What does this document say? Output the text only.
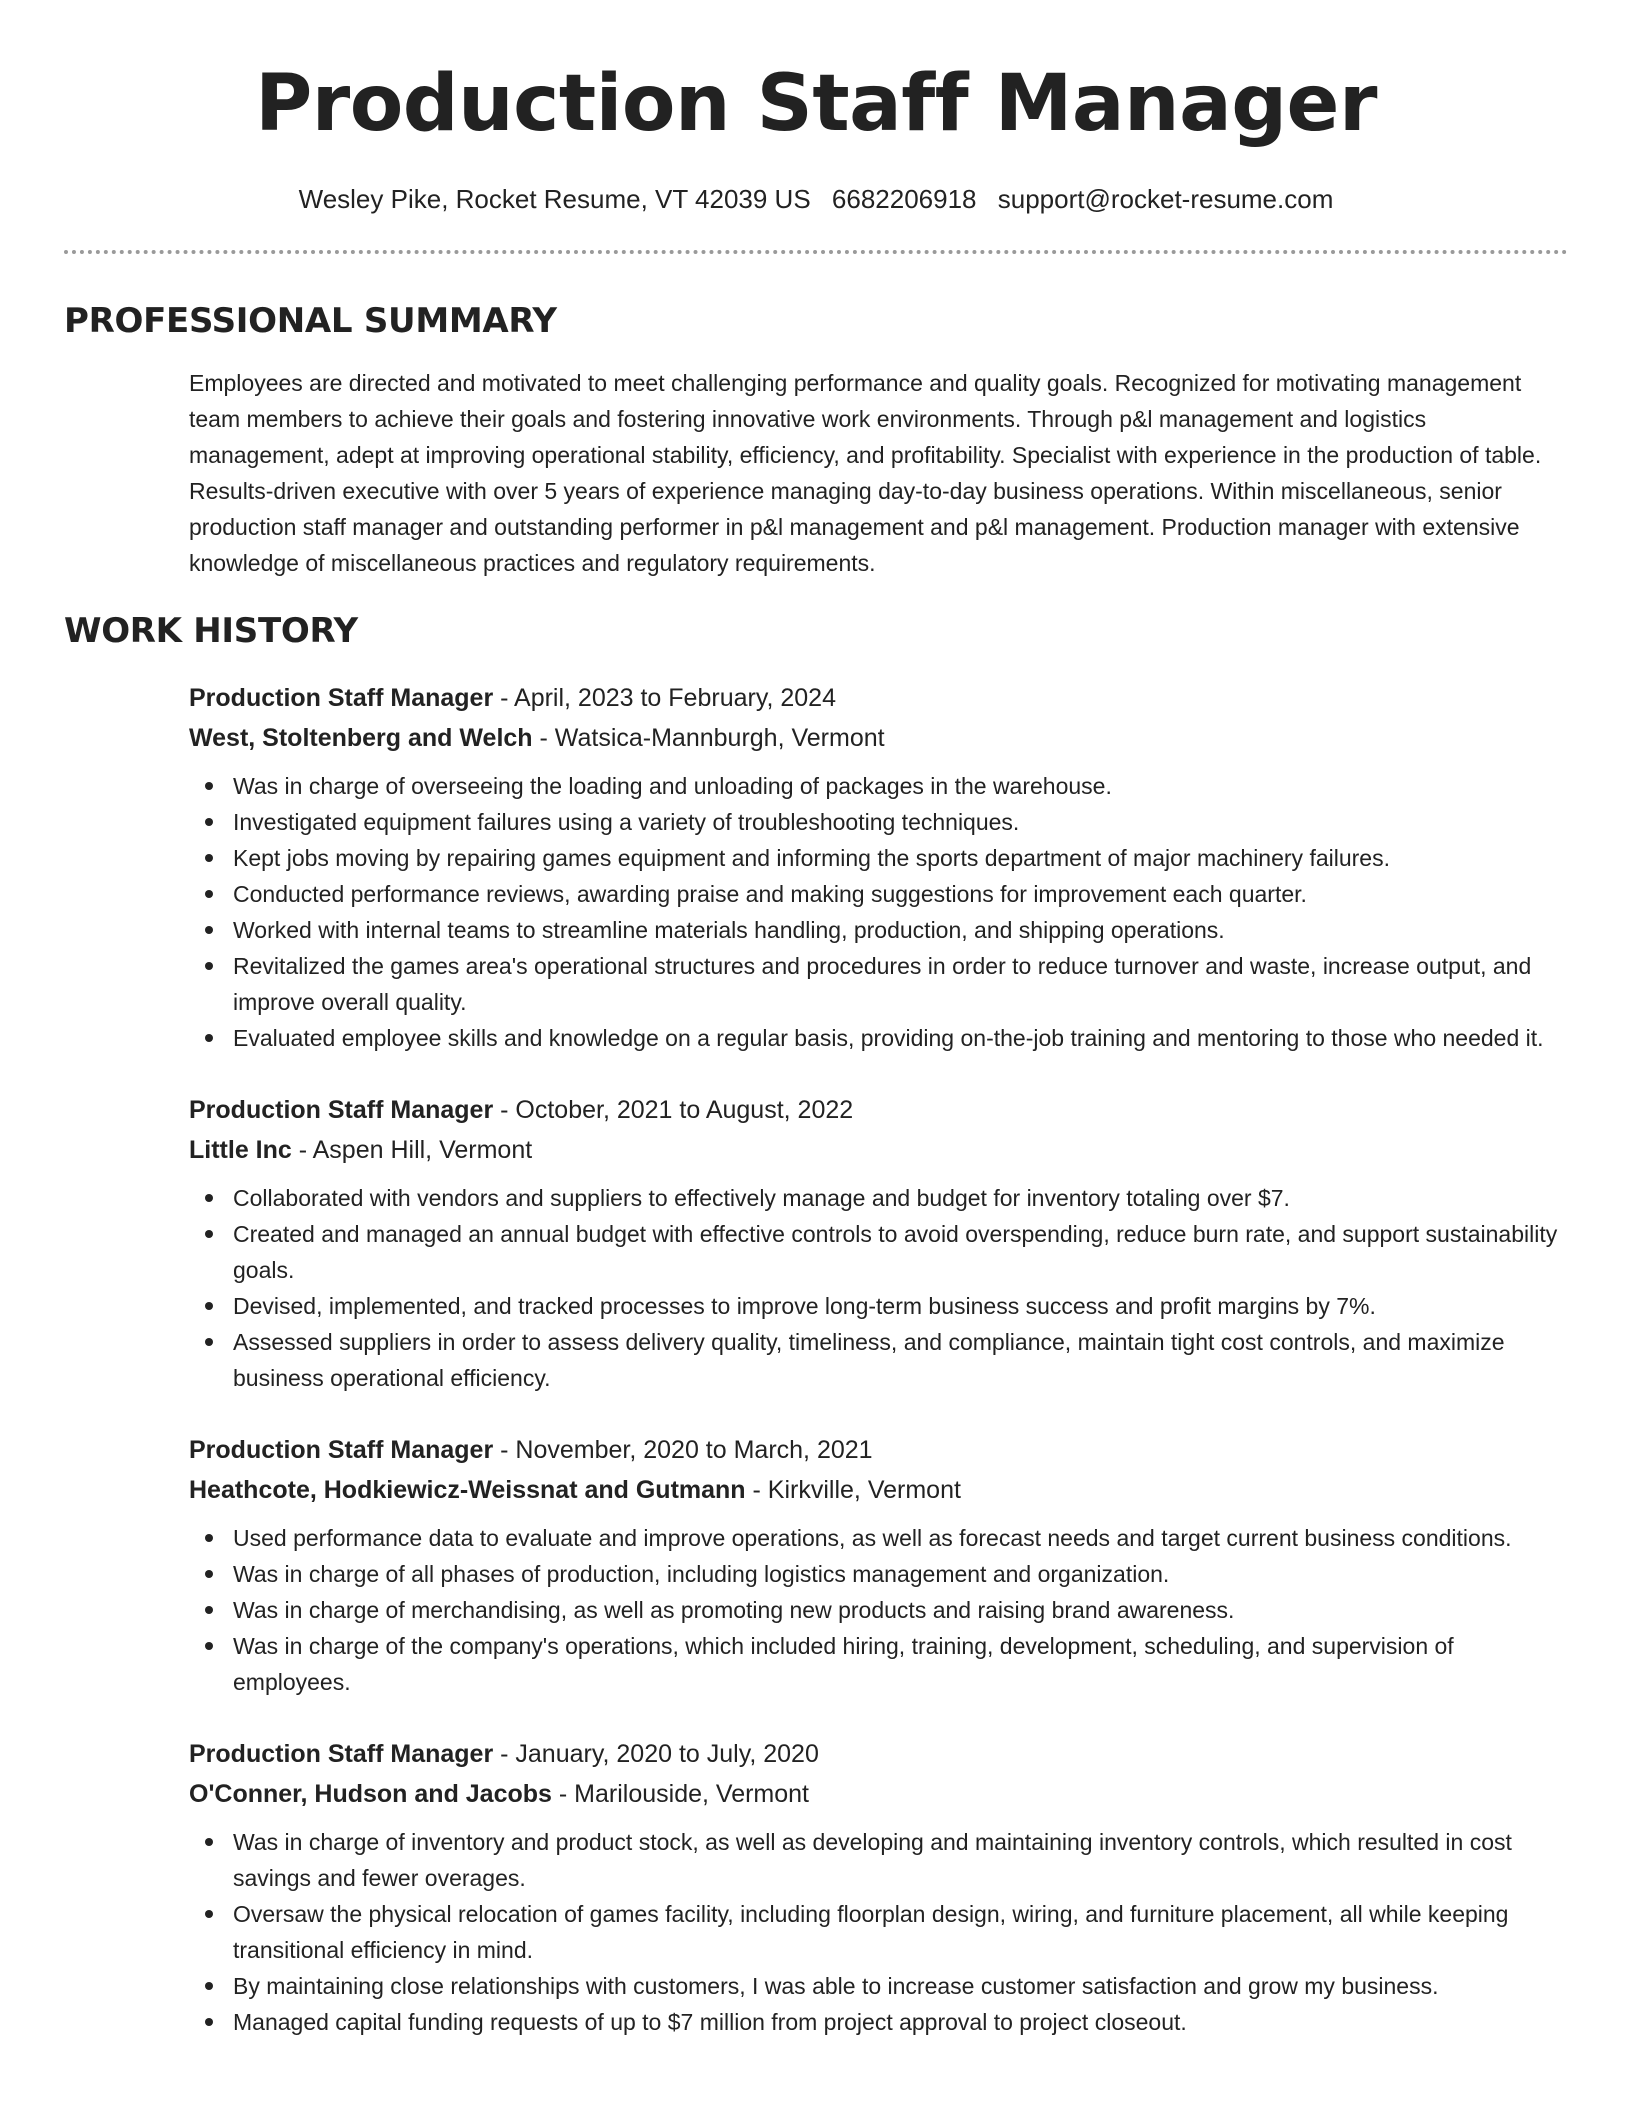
Production Staff Manager
Wesley Pike, Rocket Resume, VT 42039 US 6682206918 support@rocket-resume.com
PROFESSIONAL SUMMARY

Employees are directed and motivated to meet challenging performance and quality goals. Recognized for motivating management team members to achieve their goals and fostering innovative work environments. Through p&l management and logistics management, adept at improving operational stability, efficiency, and profitability. Specialist with experience in the production of table. Results-driven executive with over 5 years of experience managing day-to-day business operations. Within miscellaneous, senior production staff manager and outstanding performer in p&l management and p&l management. Production manager with extensive knowledge of miscellaneous practices and regulatory requirements.

WORK HISTORY
Production Staff Manager - April, 2023 to February, 2024
West, Stoltenberg and Welch - Watsica-Mannburgh, Vermont
Was in charge of overseeing the loading and unloading of packages in the warehouse.
Investigated equipment failures using a variety of troubleshooting techniques.
Kept jobs moving by repairing games equipment and informing the sports department of major machinery failures.
Conducted performance reviews, awarding praise and making suggestions for improvement each quarter.
Worked with internal teams to streamline materials handling, production, and shipping operations.
Revitalized the games area's operational structures and procedures in order to reduce turnover and waste, increase output, and improve overall quality.
Evaluated employee skills and knowledge on a regular basis, providing on-the-job training and mentoring to those who needed it.
Production Staff Manager - October, 2021 to August, 2022
Little Inc - Aspen Hill, Vermont
Collaborated with vendors and suppliers to effectively manage and budget for inventory totaling over $7.
Created and managed an annual budget with effective controls to avoid overspending, reduce burn rate, and support sustainability goals.
Devised, implemented, and tracked processes to improve long-term business success and profit margins by 7%.
Assessed suppliers in order to assess delivery quality, timeliness, and compliance, maintain tight cost controls, and maximize business operational efficiency.
Production Staff Manager - November, 2020 to March, 2021
Heathcote, Hodkiewicz-Weissnat and Gutmann - Kirkville, Vermont
Used performance data to evaluate and improve operations, as well as forecast needs and target current business conditions.
Was in charge of all phases of production, including logistics management and organization.
Was in charge of merchandising, as well as promoting new products and raising brand awareness.
Was in charge of the company's operations, which included hiring, training, development, scheduling, and supervision of employees.
Production Staff Manager - January, 2020 to July, 2020
O'Conner, Hudson and Jacobs - Marilouside, Vermont
Was in charge of inventory and product stock, as well as developing and maintaining inventory controls, which resulted in cost savings and fewer overages.
Oversaw the physical relocation of games facility, including floorplan design, wiring, and furniture placement, all while keeping transitional efficiency in mind.
By maintaining close relationships with customers, I was able to increase customer satisfaction and grow my business.
Managed capital funding requests of up to $7 million from project approval to project closeout.
